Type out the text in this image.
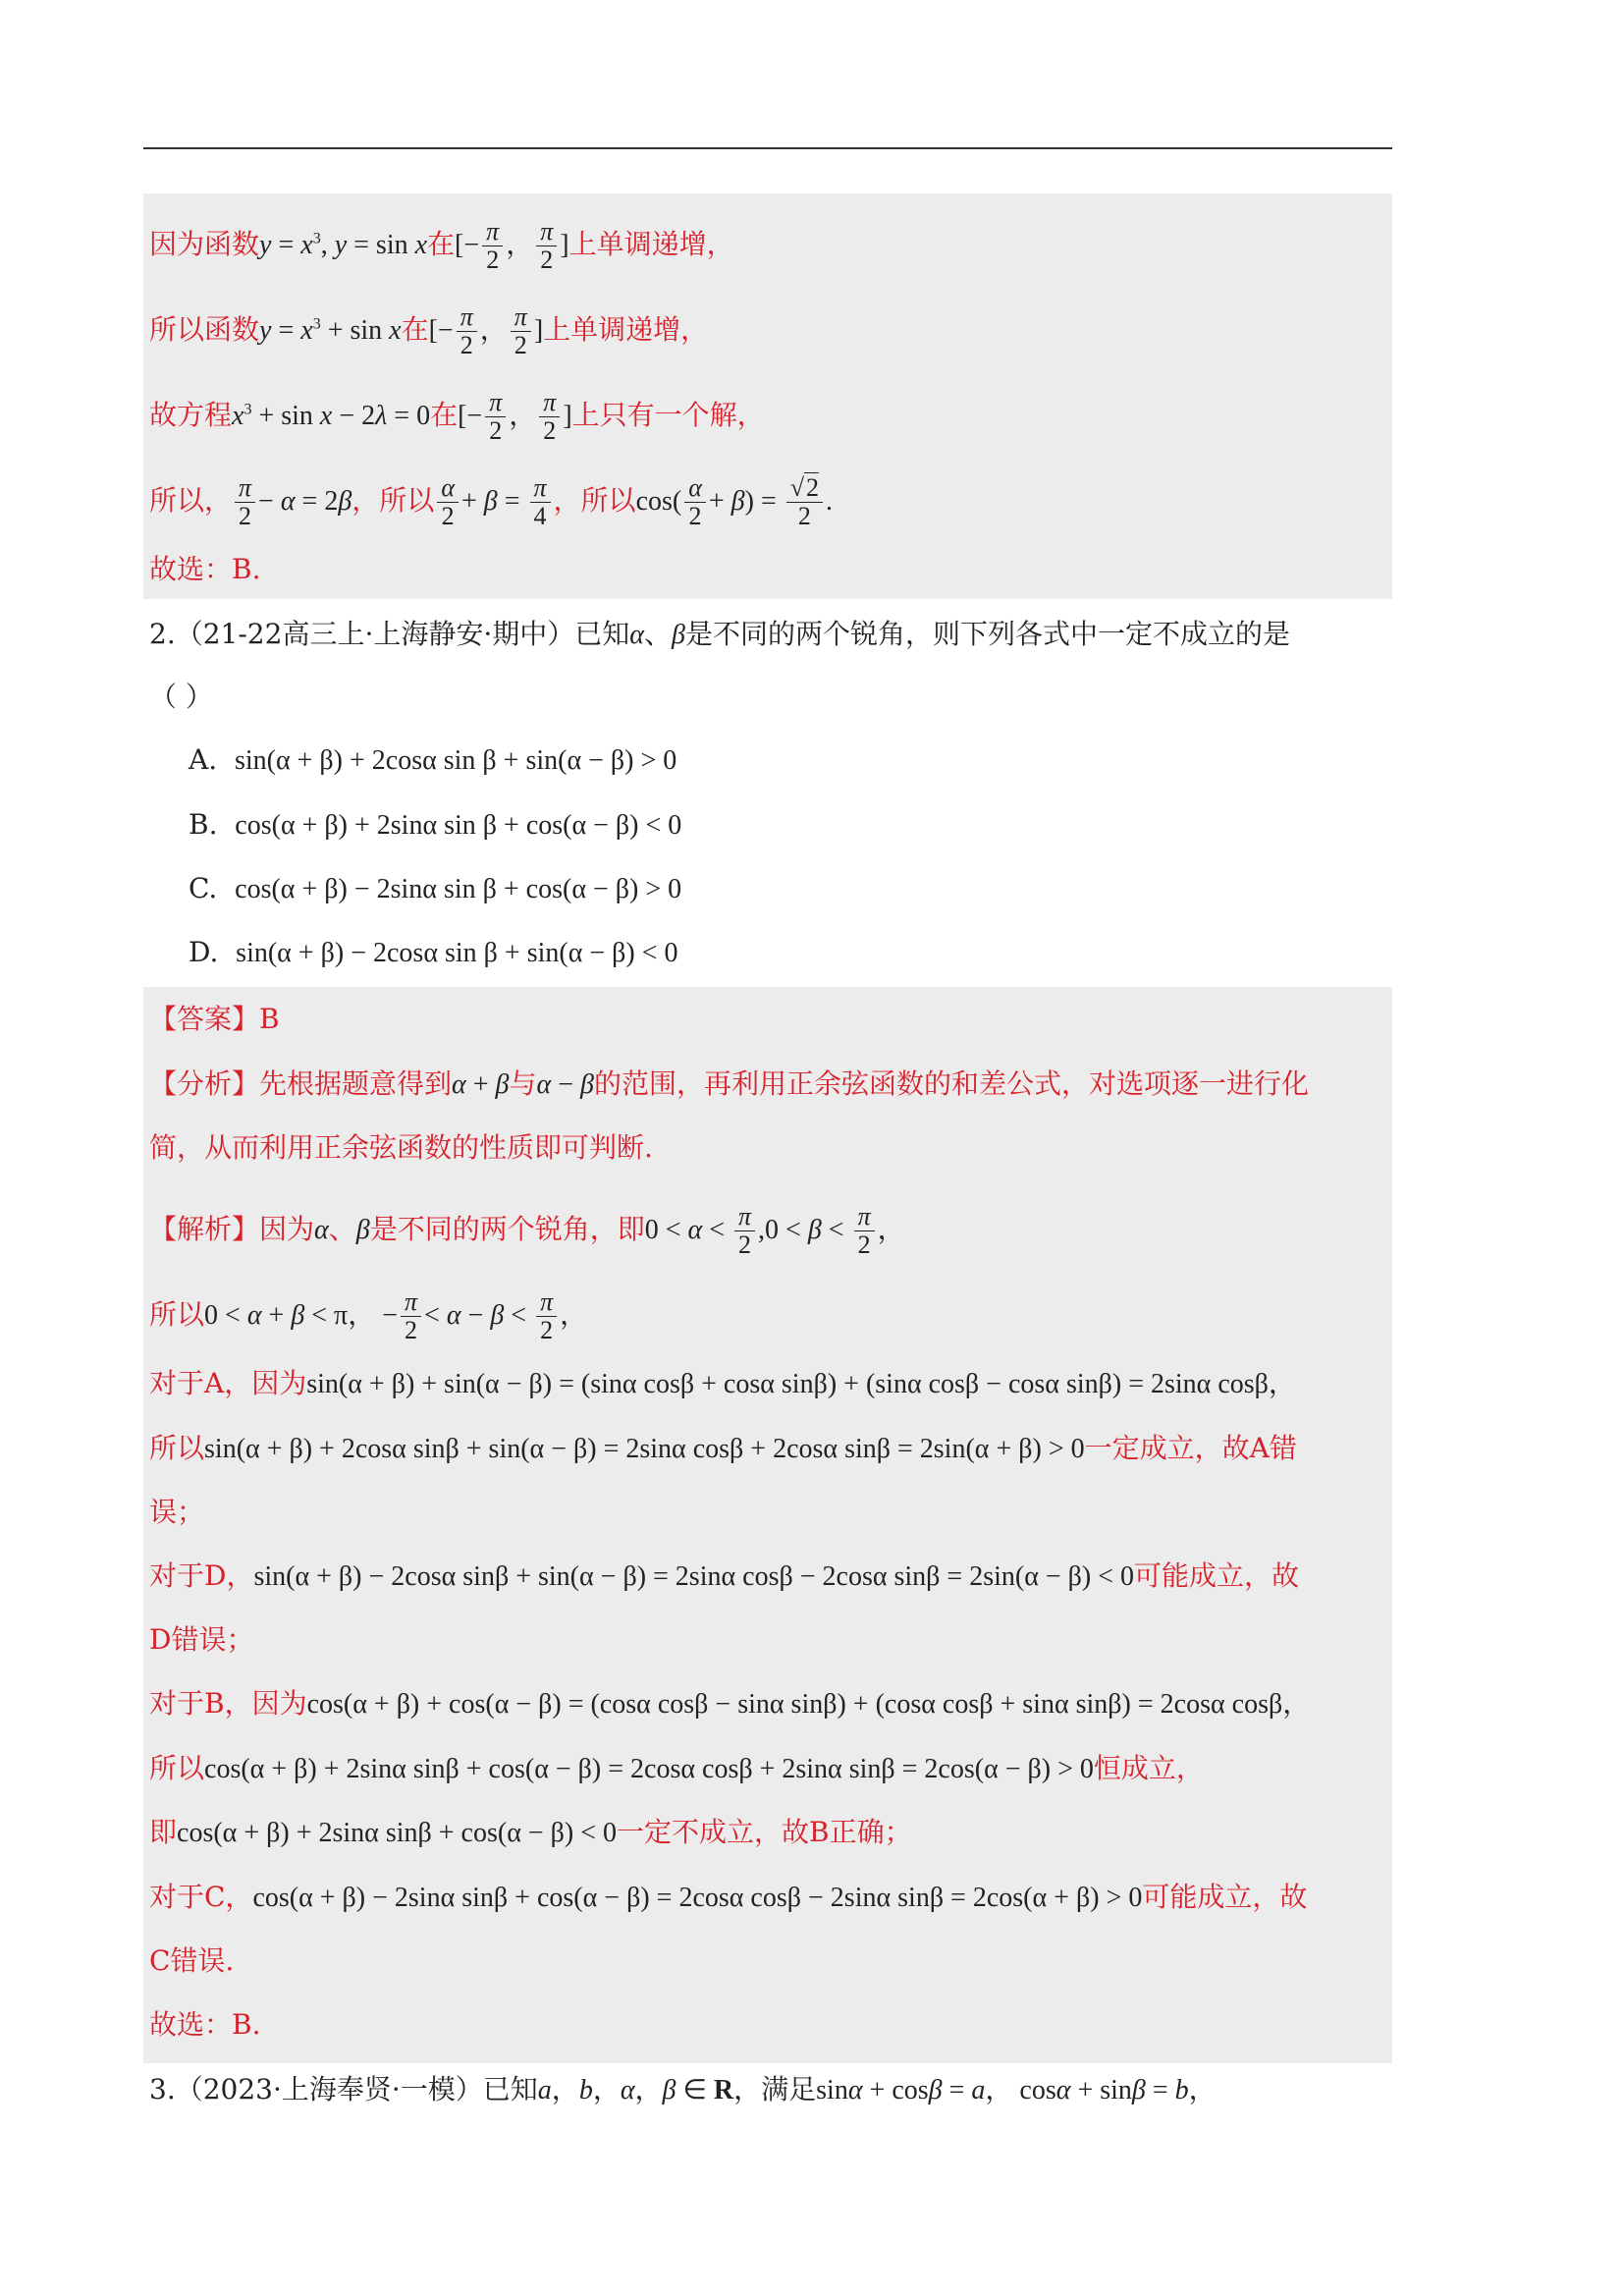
因为函数$y = x^3$, y = sin x在[− $\frac{\pi}{2}$ ， $\frac{\pi}{2}$ ]上单调递增，
所以函数$y = x^3 + \sin x$在[− $\frac{\pi}{2}$ ， $\frac{\pi}{2}$ ]上单调递增，
故方程$x^3 + \sin x - 2\lambda = 0$在[− $\frac{\pi}{2}$ ， $\frac{\pi}{2}$ ]上只有一个解，
所以， $\frac{\pi}{2} - \alpha = 2\beta$，所以 $\frac{\alpha}{2} + \beta = \frac{\pi}{4}$ ，所以$\cos( \frac{\alpha}{2} + \beta) = \frac{√2}{2}$ .
故选：B.
2.（21-22高三上·上海静安·期中）已知α、β是不同的两个锐角，则下列各式中一定不成立的是
（ ）
A. sin(α + β) + 2cosα sin β + sin(α − β) > 0
B. cos(α + β) + 2sinα sin β + cos(α − β) < 0
C. cos(α + β) − 2sinα sin β + cos(α − β) > 0
D. sin(α + β) − 2cosα sin β + sin(α − β) < 0
【答案】B
【分析】先根据题意得到α + β与α − β的范围，再利用正余弦函数的和差公式，对选项逐一进行化
简，从而利用正余弦函数的性质即可判断.
【解析】因为α、β是不同的两个锐角，即$0 < \alpha < \frac{\pi}{2} ,0 < \beta < \frac{\pi}{2}$ ，
所以0 < α + β < π， − $\frac{\pi}{2} < \alpha - \beta < \frac{\pi}{2}$ ，
对于A，因为sin(α + β) + sin(α − β) = (sinα cosβ + cosα sinβ) + (sinα cosβ − cosα sinβ) = 2sinα cosβ，
所以sin(α + β) + 2cosα sinβ + sin(α − β) = 2sinα cosβ + 2cosα sinβ = 2sin(α + β) > 0一定成立，故A错
误；
对于D，sin(α + β) − 2cosα sinβ + sin(α − β) = 2sinα cosβ − 2cosα sinβ = 2sin(α − β) < 0可能成立，故
D错误；
对于B，因为cos(α + β) + cos(α − β) = (cosα cosβ − sinα sinβ) + (cosα cosβ + sinα sinβ) = 2cosα cosβ，
所以cos(α + β) + 2sinα sinβ + cos(α − β) = 2cosα cosβ + 2sinα sinβ = 2cos(α − β) > 0恒成立，
即cos(α + β) + 2sinα sinβ + cos(α − β) < 0一定不成立，故B正确；
对于C，cos(α + β) − 2sinα sinβ + cos(α − β) = 2cosα cosβ − 2sinα sinβ = 2cos(α + β) > 0可能成立，故
C错误.
故选：B.
3.（2023·上海奉贤·一模）已知a，b，α，β ∈ R，满足sinα + cosβ = a， cosα + sinβ = b，
